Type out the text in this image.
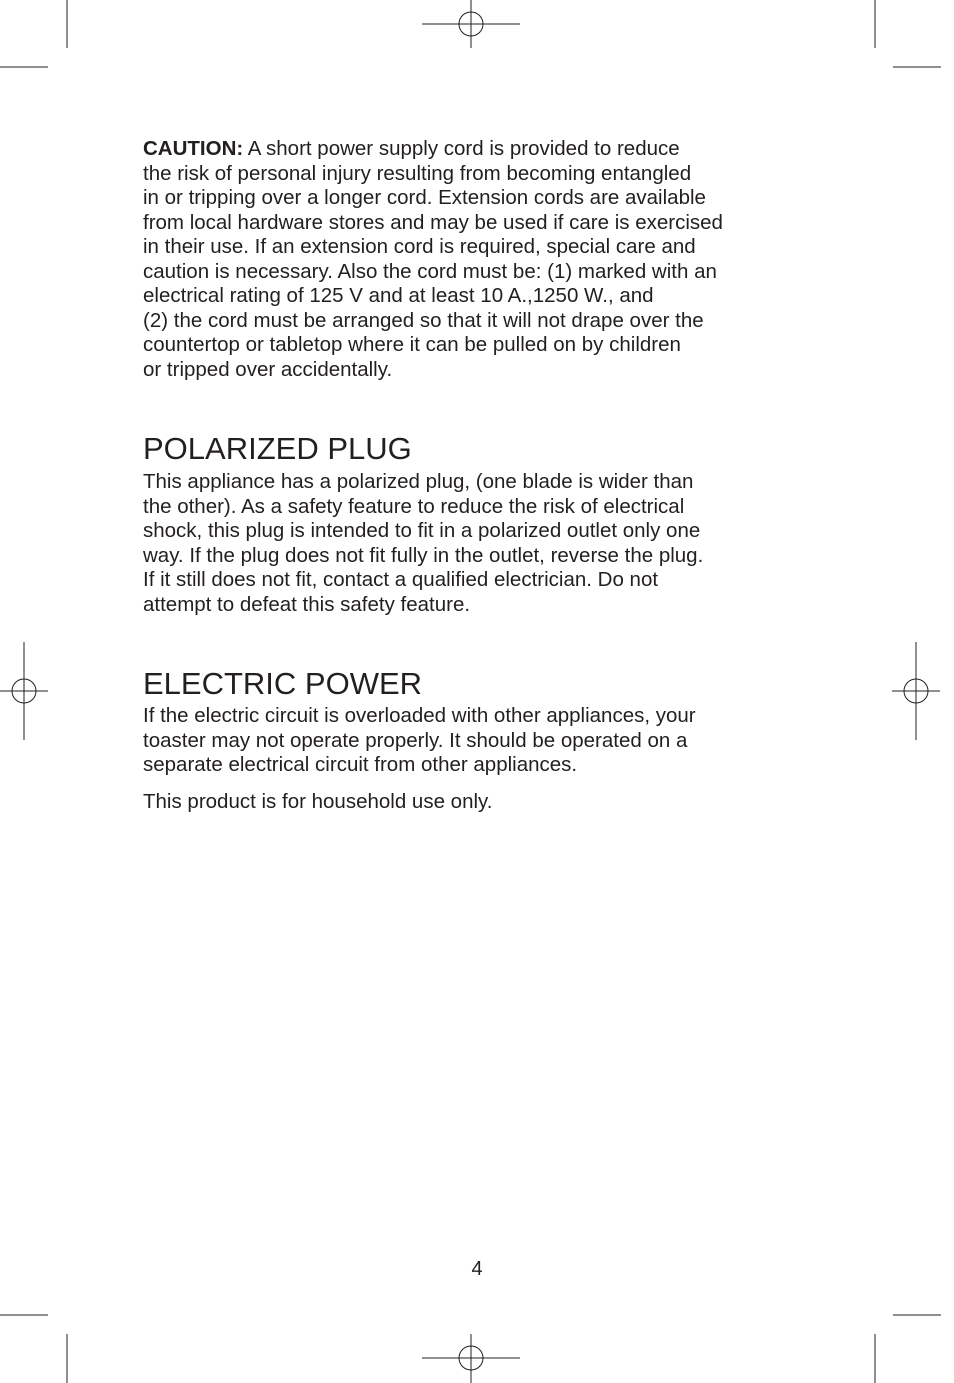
CAUTION: A short power supply cord is provided to reduce
the risk of personal injury resulting from becoming entangled
in or tripping over a longer cord. Extension cords are available
from local hardware stores and may be used if care is exercised
in their use. If an extension cord is required, special care and
caution is necessary. Also the cord must be: (1) marked with an
electrical rating of 125 V and at least 10 A.,1250 W., and
(2) the cord must be arranged so that it will not drape over the
countertop or tabletop where it can be pulled on by children
or tripped over accidentally.

POLARIZED PLUG

This appliance has a polarized plug, (one blade is wider than
the other). As a safety feature to reduce the risk of electrical
shock, this plug is intended to fit in a polarized outlet only one
way. If the plug does not fit fully in the outlet, reverse the plug.
If it still does not fit, contact a qualified electrician. Do not
attempt to defeat this safety feature.

ELECTRIC POWER

If the electric circuit is overloaded with other appliances, your
toaster may not operate properly. It should be operated on a
separate electrical circuit from other appliances.

This product is for household use only.

4
